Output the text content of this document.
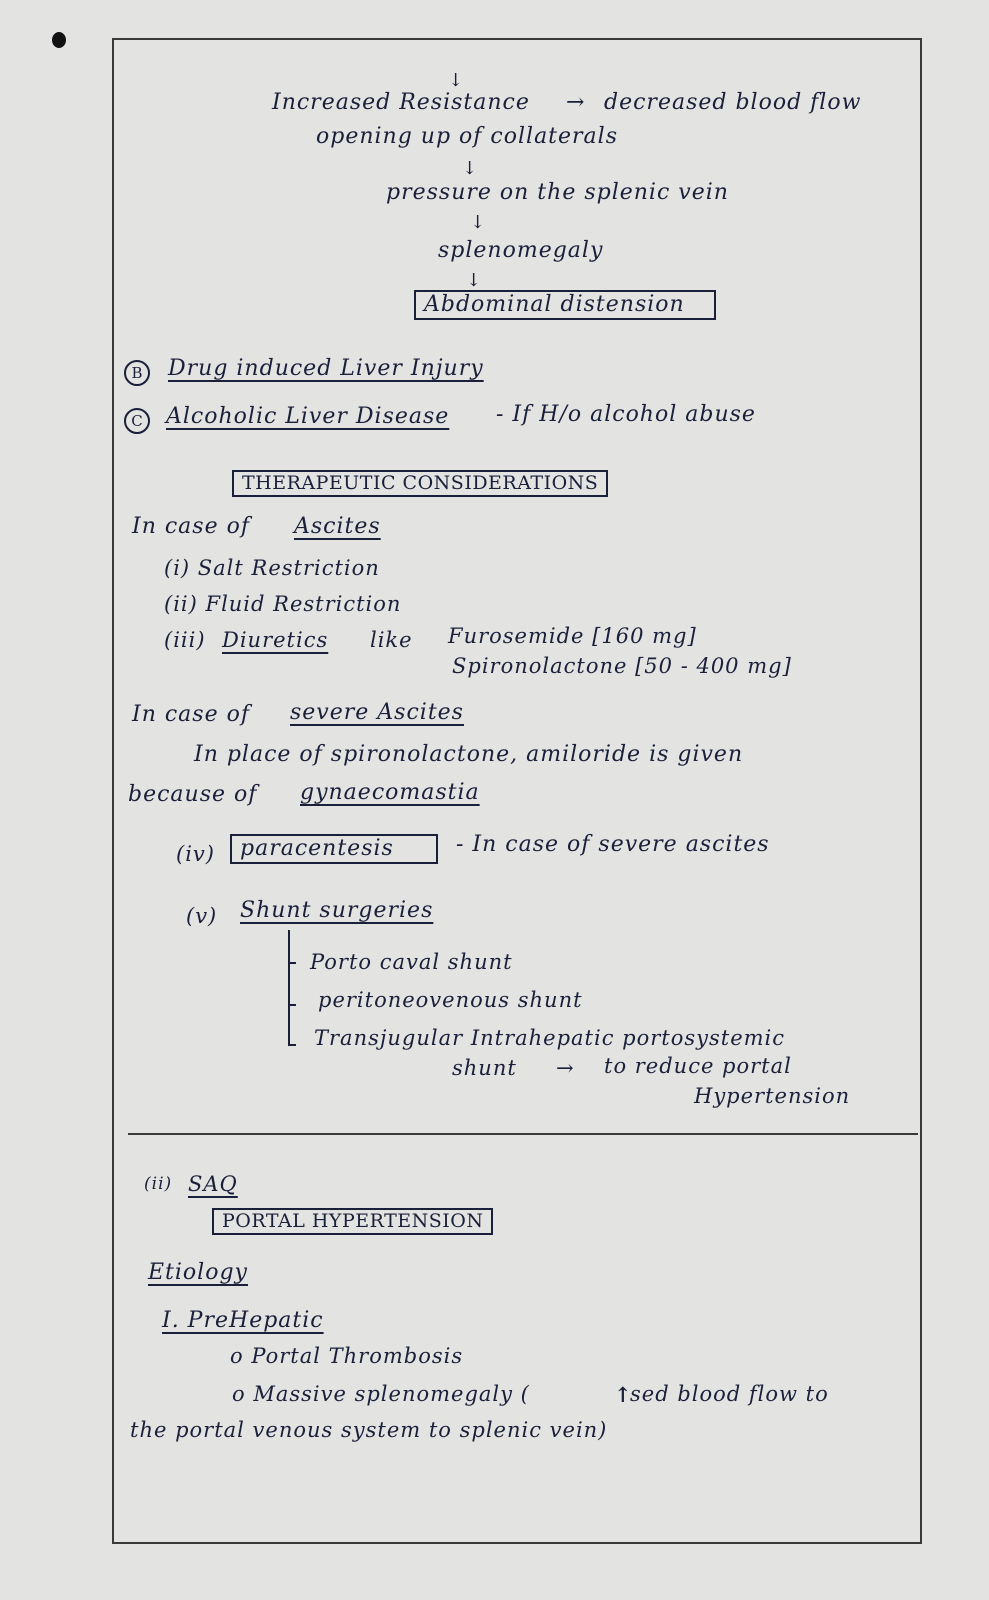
↓
Increased Resistance → decreased blood flow
opening up of collaterals
↓
pressure on the splenic vein
↓
splenomegaly
↓
Abdominal distension
B	Drug induced Liver Injury
C	Alcoholic Liver Disease - If H/o alcohol abuse
THERAPEUTIC CONSIDERATIONS
In case of Ascites
(i) Salt Restriction
(ii) Fluid Restriction
(iii) Diuretics like Furosemide [160 mg]
Spironolactone [50 - 400 mg]
In case of severe Ascites
In place of spironolactone, amiloride is given
because of gynaecomastia
(iv)	paracentesis	- In case of severe ascites
(v) Shunt surgeries
Porto caval shunt
peritoneovenous shunt
Transjugular Intrahepatic portosystemic
shunt → to reduce portal
Hypertension
(ii) SAQ
PORTAL HYPERTENSION
Etiology
I. PreHepatic
o Portal Thrombosis
o Massive splenomegaly (	↑
sed blood flow to
the portal venous system to splenic vein)
